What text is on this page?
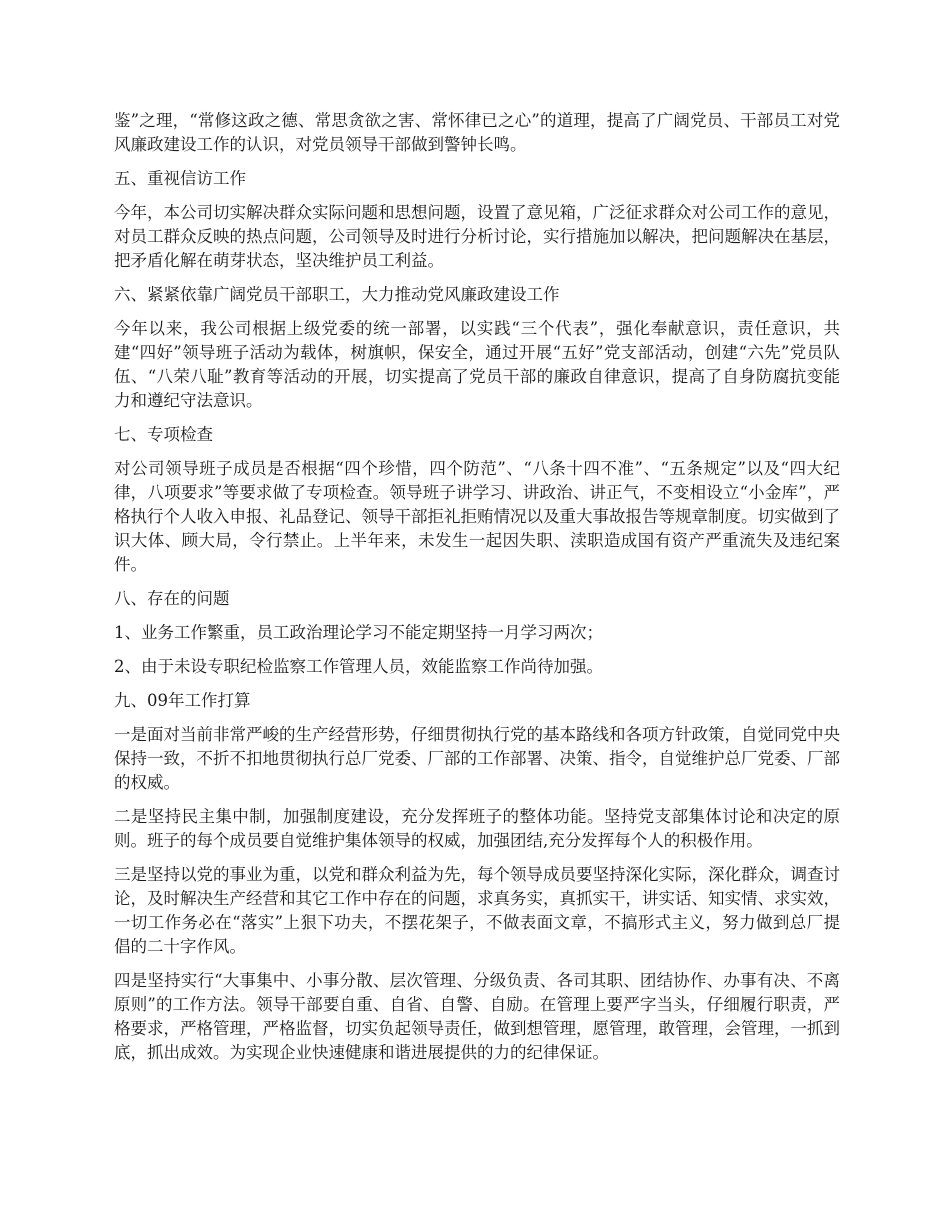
鉴”之理，“常修这政之德、常思贪欲之害、常怀律已之心”的道理，提高了广阔党员、干部员工对党风廉政建设工作的认识，对党员领导干部做到警钟长鸣。

五、重视信访工作

今年，本公司切实解决群众实际问题和思想问题，设置了意见箱，广泛征求群众对公司工作的意见，对员工群众反映的热点问题，公司领导及时进行分析讨论，实行措施加以解决，把问题解决在基层，把矛盾化解在萌芽状态，坚决维护员工利益。

六、紧紧依靠广阔党员干部职工，大力推动党风廉政建设工作

今年以来，我公司根据上级党委的统一部署，以实践“三个代表”，强化奉献意识，责任意识，共建“四好”领导班子活动为载体，树旗帜，保安全，通过开展“五好”党支部活动，创建“六先”党员队伍、“八荣八耻”教育等活动的开展，切实提高了党员干部的廉政自律意识，提高了自身防腐抗变能力和遵纪守法意识。

七、专项检查

对公司领导班子成员是否根据“四个珍惜，四个防范”、“八条十四不准”、“五条规定”以及“四大纪律，八项要求”等要求做了专项检查。领导班子讲学习、讲政治、讲正气，不变相设立“小金库”，严格执行个人收入申报、礼品登记、领导干部拒礼拒贿情况以及重大事故报告等规章制度。切实做到了识大体、顾大局，令行禁止。上半年来，未发生一起因失职、渎职造成国有资产严重流失及违纪案件。

八、存在的问题

1、业务工作繁重，员工政治理论学习不能定期坚持一月学习两次；

2、由于未设专职纪检监察工作管理人员，效能监察工作尚待加强。

九、09年工作打算

一是面对当前非常严峻的生产经营形势，仔细贯彻执行党的基本路线和各项方针政策，自觉同党中央保持一致，不折不扣地贯彻执行总厂党委、厂部的工作部署、决策、指令，自觉维护总厂党委、厂部的权威。

二是坚持民主集中制，加强制度建设，充分发挥班子的整体功能。坚持党支部集体讨论和决定的原则。班子的每个成员要自觉维护集体领导的权威，加强团结,充分发挥每个人的积极作用。

三是坚持以党的事业为重，以党和群众利益为先，每个领导成员要坚持深化实际，深化群众，调查讨论，及时解决生产经营和其它工作中存在的问题，求真务实，真抓实干，讲实话、知实情、求实效，一切工作务必在“落实”上狠下功夫，不摆花架子，不做表面文章，不搞形式主义，努力做到总厂提倡的二十字作风。

四是坚持实行“大事集中、小事分散、层次管理、分级负责、各司其职、团结协作、办事有决、不离原则”的工作方法。领导干部要自重、自省、自警、自励。在管理上要严字当头，仔细履行职责，严格要求，严格管理，严格监督，切实负起领导责任，做到想管理，愿管理，敢管理，会管理，一抓到底，抓出成效。为实现企业快速健康和谐进展提供的力的纪律保证。
